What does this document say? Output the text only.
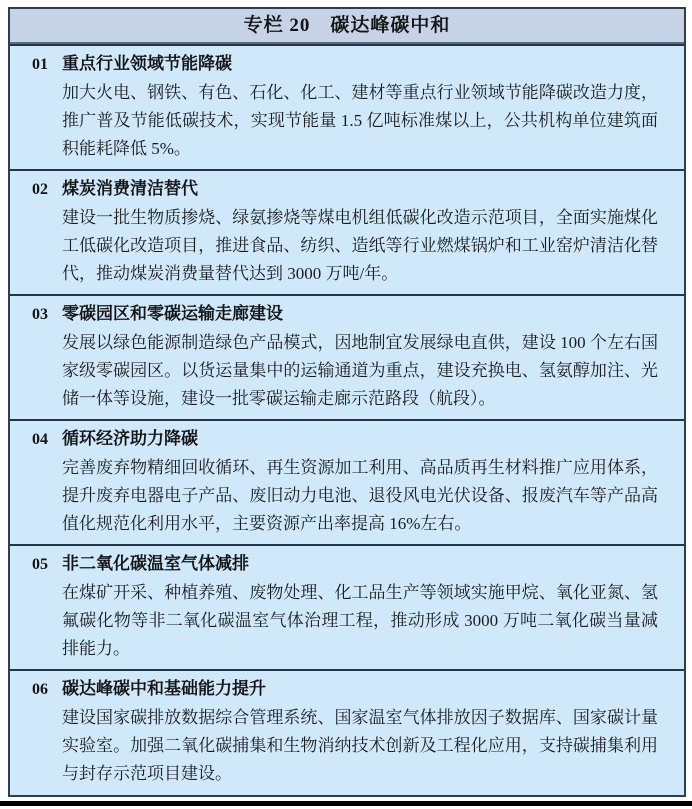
专栏 20　碳达峰碳中和
01 重点行业领域节能降碳

加大火电、钢铁、有色、石化、化工、建材等重点行业领域节能降碳改造力度，推广普及节能低碳技术，实现节能量 1.5 亿吨标准煤以上，公共机构单位建筑面积能耗降低 5%。

02 煤炭消费清洁替代

建设一批生物质掺烧、绿氨掺烧等煤电机组低碳化改造示范项目，全面实施煤化工低碳化改造项目，推进食品、纺织、造纸等行业燃煤锅炉和工业窑炉清洁化替代，推动煤炭消费量替代达到 3000 万吨/年。

03 零碳园区和零碳运输走廊建设

发展以绿色能源制造绿色产品模式，因地制宜发展绿电直供，建设 100 个左右国家级零碳园区。以货运量集中的运输通道为重点，建设充换电、氢氨醇加注、光储一体等设施，建设一批零碳运输走廊示范路段（航段）。

04 循环经济助力降碳

完善废弃物精细回收循环、再生资源加工利用、高品质再生材料推广应用体系，提升废弃电器电子产品、废旧动力电池、退役风电光伏设备、报废汽车等产品高值化规范化利用水平，主要资源产出率提高 16%左右。

05 非二氧化碳温室气体减排

在煤矿开采、种植养殖、废物处理、化工品生产等领域实施甲烷、氧化亚氮、氢氟碳化物等非二氧化碳温室气体治理工程，推动形成 3000 万吨二氧化碳当量减排能力。

06 碳达峰碳中和基础能力提升

建设国家碳排放数据综合管理系统、国家温室气体排放因子数据库、国家碳计量实验室。加强二氧化碳捕集和生物消纳技术创新及工程化应用，支持碳捕集利用与封存示范项目建设。
